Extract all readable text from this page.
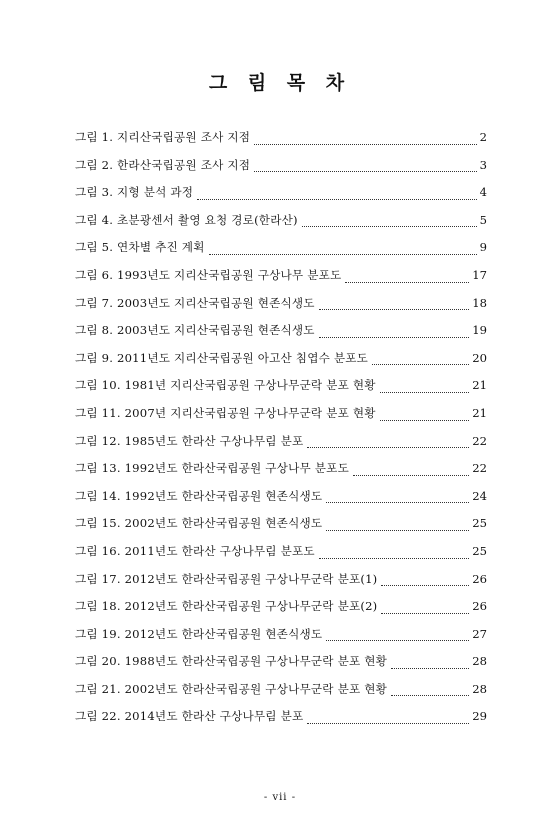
그 림 목 차
그림 1. 지리산국립공원 조사 지점	2
그림 2. 한라산국립공원 조사 지점	3
그림 3. 지형 분석 과정	4
그림 4. 초분광센서 촬영 요청 경로(한라산)	5
그림 5. 연차별 추진 계획	9
그림 6. 1993년도 지리산국립공원 구상나무 분포도	17
그림 7. 2003년도 지리산국립공원 현존식생도	18
그림 8. 2003년도 지리산국립공원 현존식생도	19
그림 9. 2011년도 지리산국립공원 아고산 침엽수 분포도	20
그림 10. 1981년 지리산국립공원 구상나무군락 분포 현황	21
그림 11. 2007년 지리산국립공원 구상나무군락 분포 현황	21
그림 12. 1985년도 한라산 구상나무림 분포	22
그림 13. 1992년도 한라산국립공원 구상나무 분포도	22
그림 14. 1992년도 한라산국립공원 현존식생도	24
그림 15. 2002년도 한라산국립공원 현존식생도	25
그림 16. 2011년도 한라산 구상나무림 분포도	25
그림 17. 2012년도 한라산국립공원 구상나무군락 분포(1)	26
그림 18. 2012년도 한라산국립공원 구상나무군락 분포(2)	26
그림 19. 2012년도 한라산국립공원 현존식생도	27
그림 20. 1988년도 한라산국립공원 구상나무군락 분포 현황	28
그림 21. 2002년도 한라산국립공원 구상나무군락 분포 현황	28
그림 22. 2014년도 한라산 구상나무림 분포	29
- vii -
